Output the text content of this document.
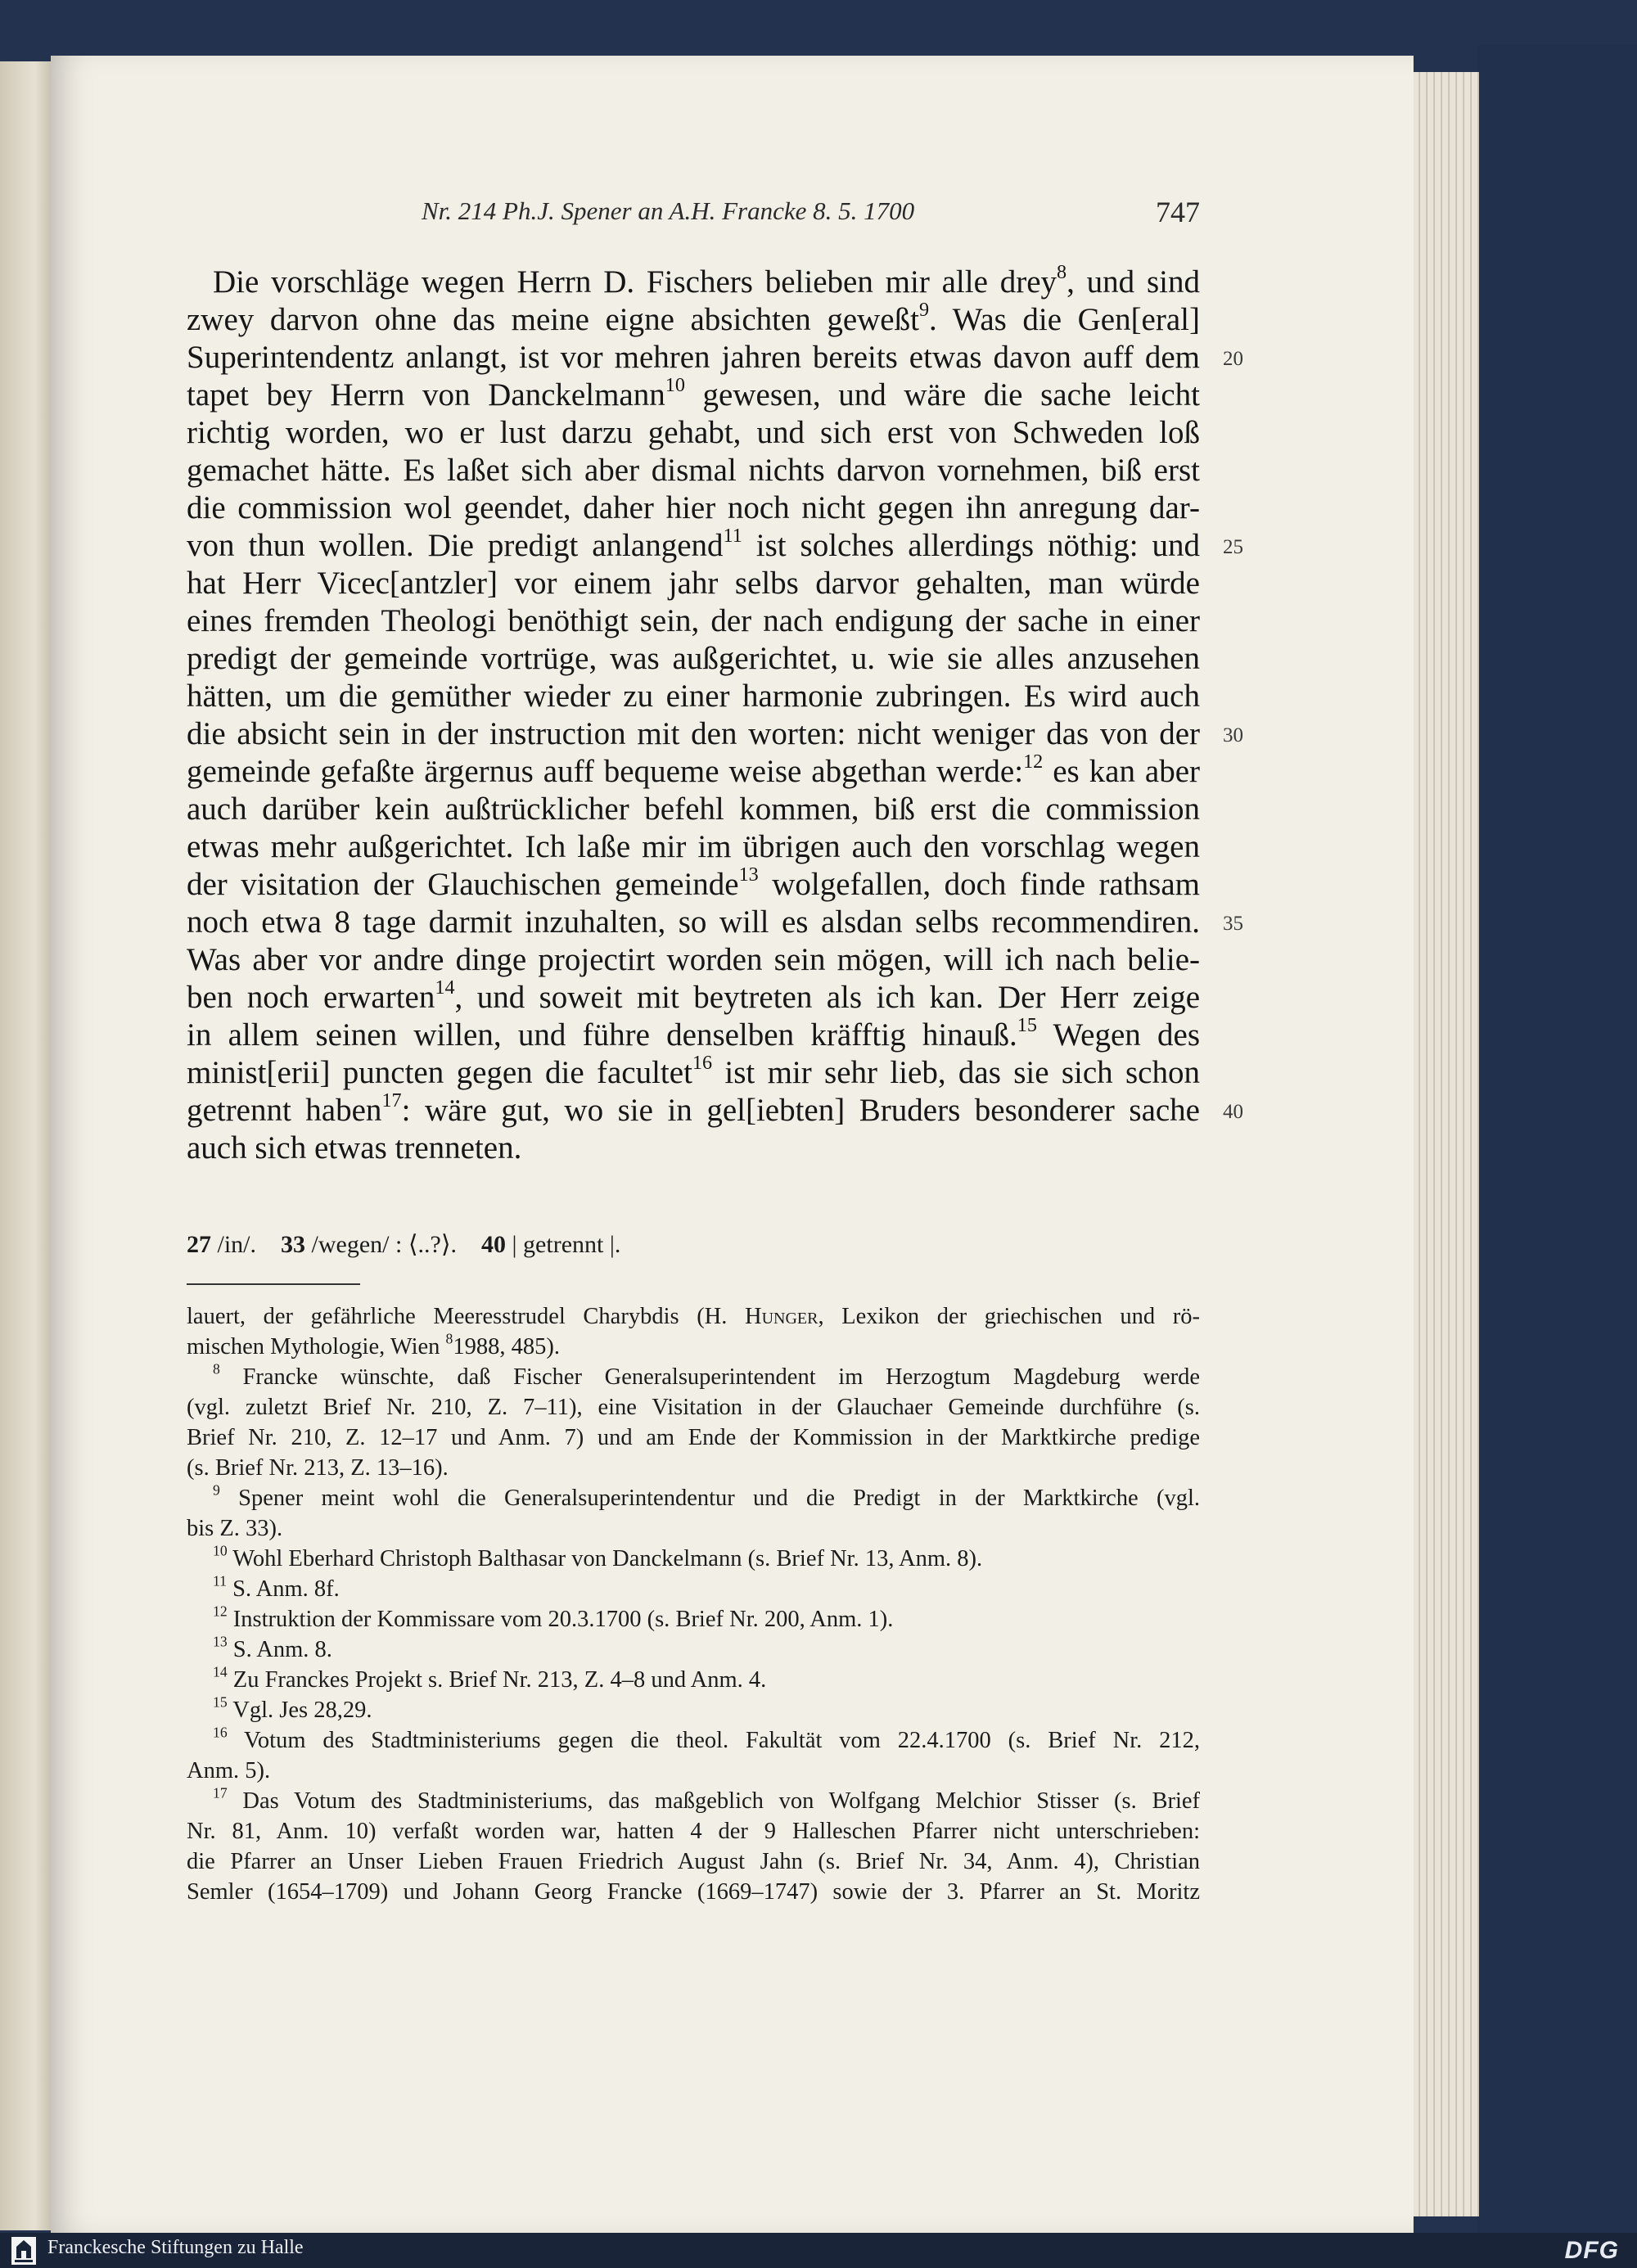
Nr. 214 Ph.J. Spener an A.H. Francke 8. 5. 1700	747
Die vorschläge wegen Herrn D. Fischers belieben mir alle drey$^8$, und sind
zwey darvon ohne das meine eigne absichten geweßt$^9$. Was die Gen[eral]
Superintendentz anlangt, ist vor mehren jahren bereits etwas davon auff dem
tapet bey Herrn von Danckelmann$^{10}$ gewesen, und wäre die sache leicht
richtig worden, wo er lust darzu gehabt, und sich erst von Schweden loß
gemachet hätte. Es laßet sich aber dismal nichts darvon vornehmen, biß erst
die commission wol geendet, daher hier noch nicht gegen ihn anregung dar-
von thun wollen. Die predigt anlangend$^{11}$ ist solches allerdings nöthig: und
hat Herr Vicec[antzler] vor einem jahr selbs darvor gehalten, man würde
eines fremden Theologi benöthigt sein, der nach endigung der sache in einer
predigt der gemeinde vortrüge, was außgerichtet, u. wie sie alles anzusehen
hätten, um die gemüther wieder zu einer harmonie zubringen. Es wird auch
die absicht sein in der instruction mit den worten: nicht weniger das von der
gemeinde gefaßte ärgernus auff bequeme weise abgethan werde:$^{12}$ es kan aber
auch darüber kein außtrücklicher befehl kommen, biß erst die commission
etwas mehr außgerichtet. Ich laße mir im übrigen auch den vorschlag wegen
der visitation der Glauchischen gemeinde$^{13}$ wolgefallen, doch finde rathsam
noch etwa 8 tage darmit inzuhalten, so will es alsdan selbs recommendiren.
Was aber vor andre dinge projectirt worden sein mögen, will ich nach belie-
ben noch erwarten$^{14}$, und soweit mit beytreten als ich kan. Der Herr zeige
in allem seinen willen, und führe denselben kräfftig hinauß.$^{15}$ Wegen des
minist[erii] puncten gegen die facultet$^{16}$ ist mir sehr lieb, das sie sich schon
getrennt haben$^{17}$: wäre gut, wo sie in gel[iebten] Bruders besonderer sache
auch sich etwas trenneten.
20
25
30
35
40
27 /in/. 33 /wegen/ : ⟨..?⟩. 40 | getrennt |.
lauert, der gefährliche Meeresstrudel Charybdis (H. Hunger, Lexikon der griechischen und rö-
mischen Mythologie, Wien $^8$1988, 485).
$^8$ Francke wünschte, daß Fischer Generalsuperintendent im Herzogtum Magdeburg werde
(vgl. zuletzt Brief Nr. 210, Z. 7–11), eine Visitation in der Glauchaer Gemeinde durchführe (s.
Brief Nr. 210, Z. 12–17 und Anm. 7) und am Ende der Kommission in der Marktkirche predige
(s. Brief Nr. 213, Z. 13–16).
$^9$ Spener meint wohl die Generalsuperintendentur und die Predigt in der Marktkirche (vgl.
bis Z. 33).
$^{10}$ Wohl Eberhard Christoph Balthasar von Danckelmann (s. Brief Nr. 13, Anm. 8).
$^{11}$ S. Anm. 8f.
$^{12}$ Instruktion der Kommissare vom 20.3.1700 (s. Brief Nr. 200, Anm. 1).
$^{13}$ S. Anm. 8.
$^{14}$ Zu Franckes Projekt s. Brief Nr. 213, Z. 4–8 und Anm. 4.
$^{15}$ Vgl. Jes 28,29.
$^{16}$ Votum des Stadtministeriums gegen die theol. Fakultät vom 22.4.1700 (s. Brief Nr. 212,
Anm. 5).
$^{17}$ Das Votum des Stadtministeriums, das maßgeblich von Wolfgang Melchior Stisser (s. Brief
Nr. 81, Anm. 10) verfaßt worden war, hatten 4 der 9 Halleschen Pfarrer nicht unterschrieben:
die Pfarrer an Unser Lieben Frauen Friedrich August Jahn (s. Brief Nr. 34, Anm. 4), Christian
Semler (1654–1709) und Johann Georg Francke (1669–1747) sowie der 3. Pfarrer an St. Moritz
Franckesche Stiftungen zu Halle	DFG
